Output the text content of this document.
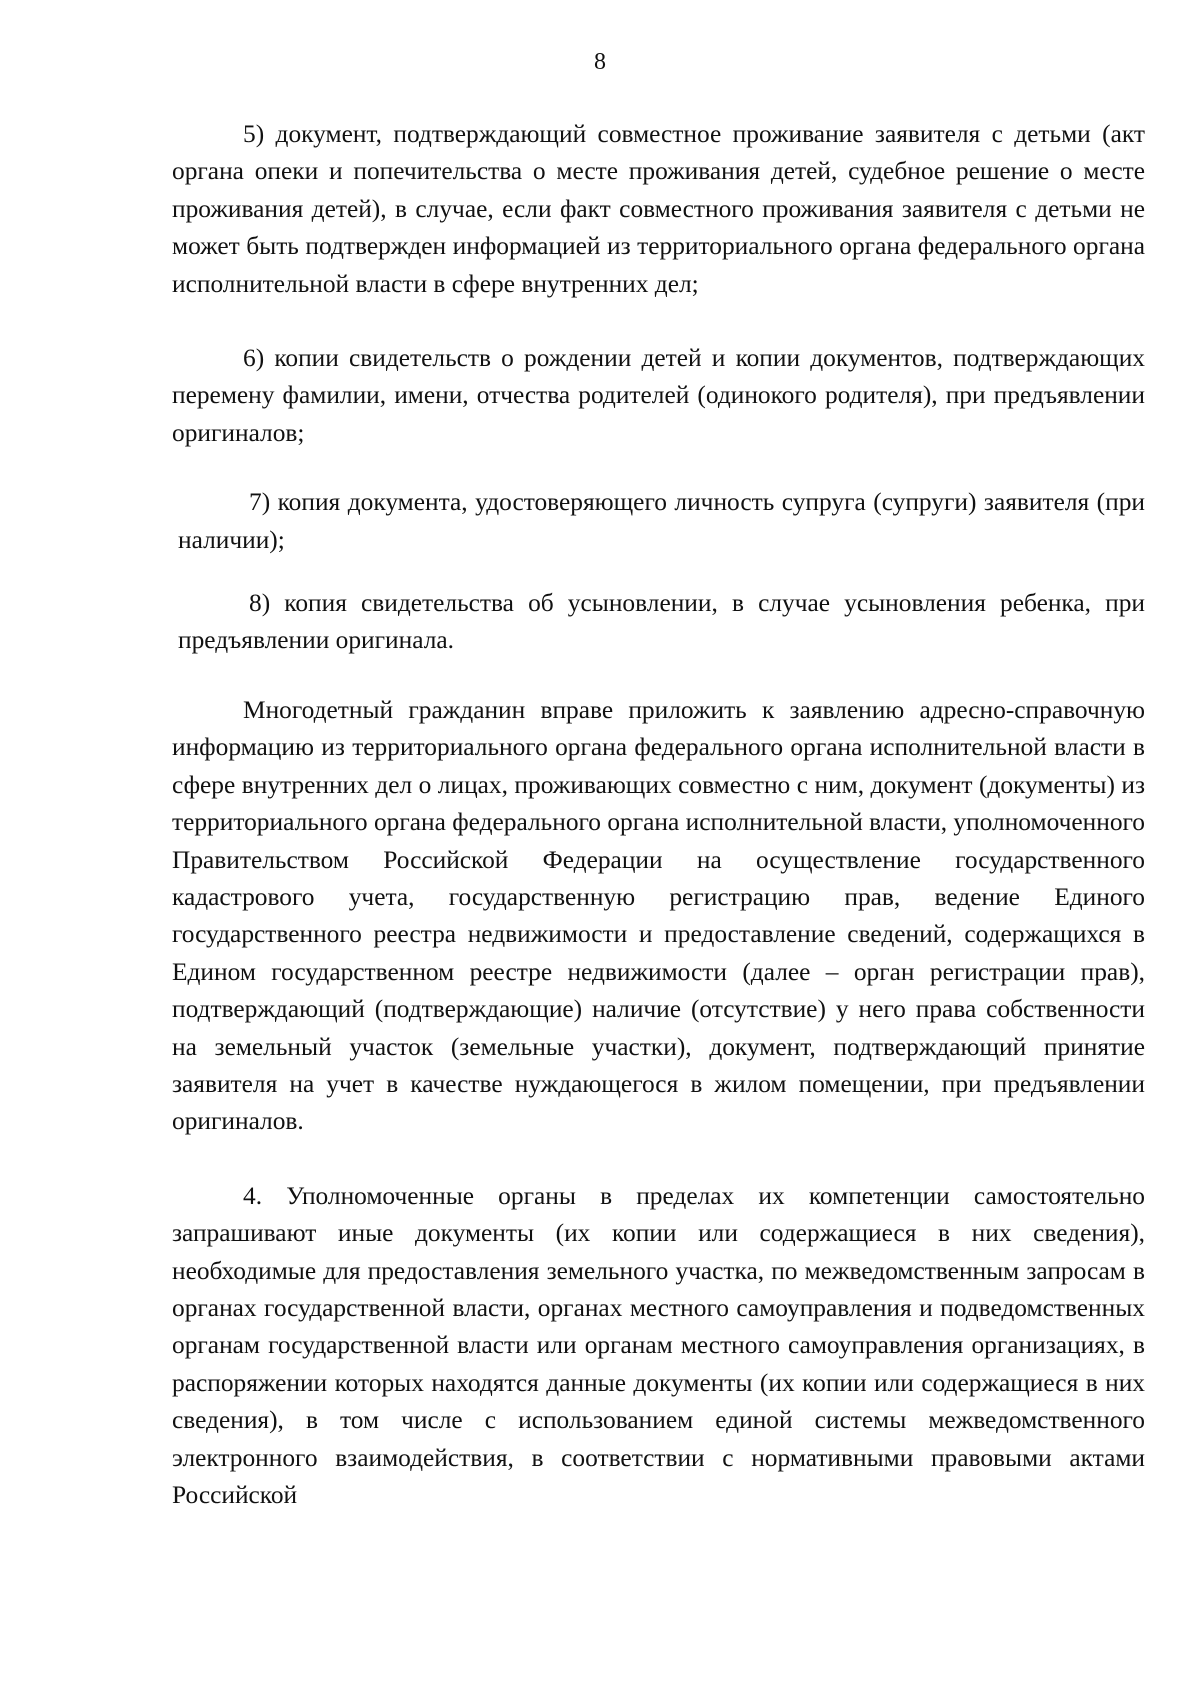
8

5) документ, подтверждающий совместное проживание заявителя с детьми (акт органа опеки и попечительства о месте проживания детей, судебное решение о месте проживания детей), в случае, если факт совместного проживания заявителя с детьми не может быть подтвержден информацией из территориального органа федерального органа исполнительной власти в сфере внутренних дел;

6) копии свидетельств о рождении детей и копии документов, подтверждающих перемену фамилии, имени, отчества родителей (одинокого родителя), при предъявлении оригиналов;

7) копия документа, удостоверяющего личность супруга (супруги) заявителя (при наличии);

8) копия свидетельства об усыновлении, в случае усыновления ребенка, при предъявлении оригинала.

Многодетный гражданин вправе приложить к заявлению адресно-справочную информацию из территориального органа федерального органа исполнительной власти в сфере внутренних дел о лицах, проживающих совместно с ним, документ (документы) из территориального органа федерального органа исполнительной власти, уполномоченного Правительством Российской Федерации на осуществление государственного кадастрового учета, государственную регистрацию прав, ведение Единого государственного реестра недвижимости и предоставление сведений, содержащихся в Едином государственном реестре недвижимости (далее – орган регистрации прав), подтверждающий (подтверждающие) наличие (отсутствие) у него права собственности на земельный участок (земельные участки), документ, подтверждающий принятие заявителя на учет в качестве нуждающегося в жилом помещении, при предъявлении оригиналов.

4. Уполномоченные органы в пределах их компетенции самостоятельно запрашивают иные документы (их копии или содержащиеся в них сведения), необходимые для предоставления земельного участка, по межведомственным запросам в органах государственной власти, органах местного самоуправления и подведомственных органам государственной власти или органам местного самоуправления организациях, в распоряжении которых находятся данные документы (их копии или содержащиеся в них сведения), в том числе с использованием единой системы межведомственного электронного взаимодействия, в соответствии с нормативными правовыми актами Российской
